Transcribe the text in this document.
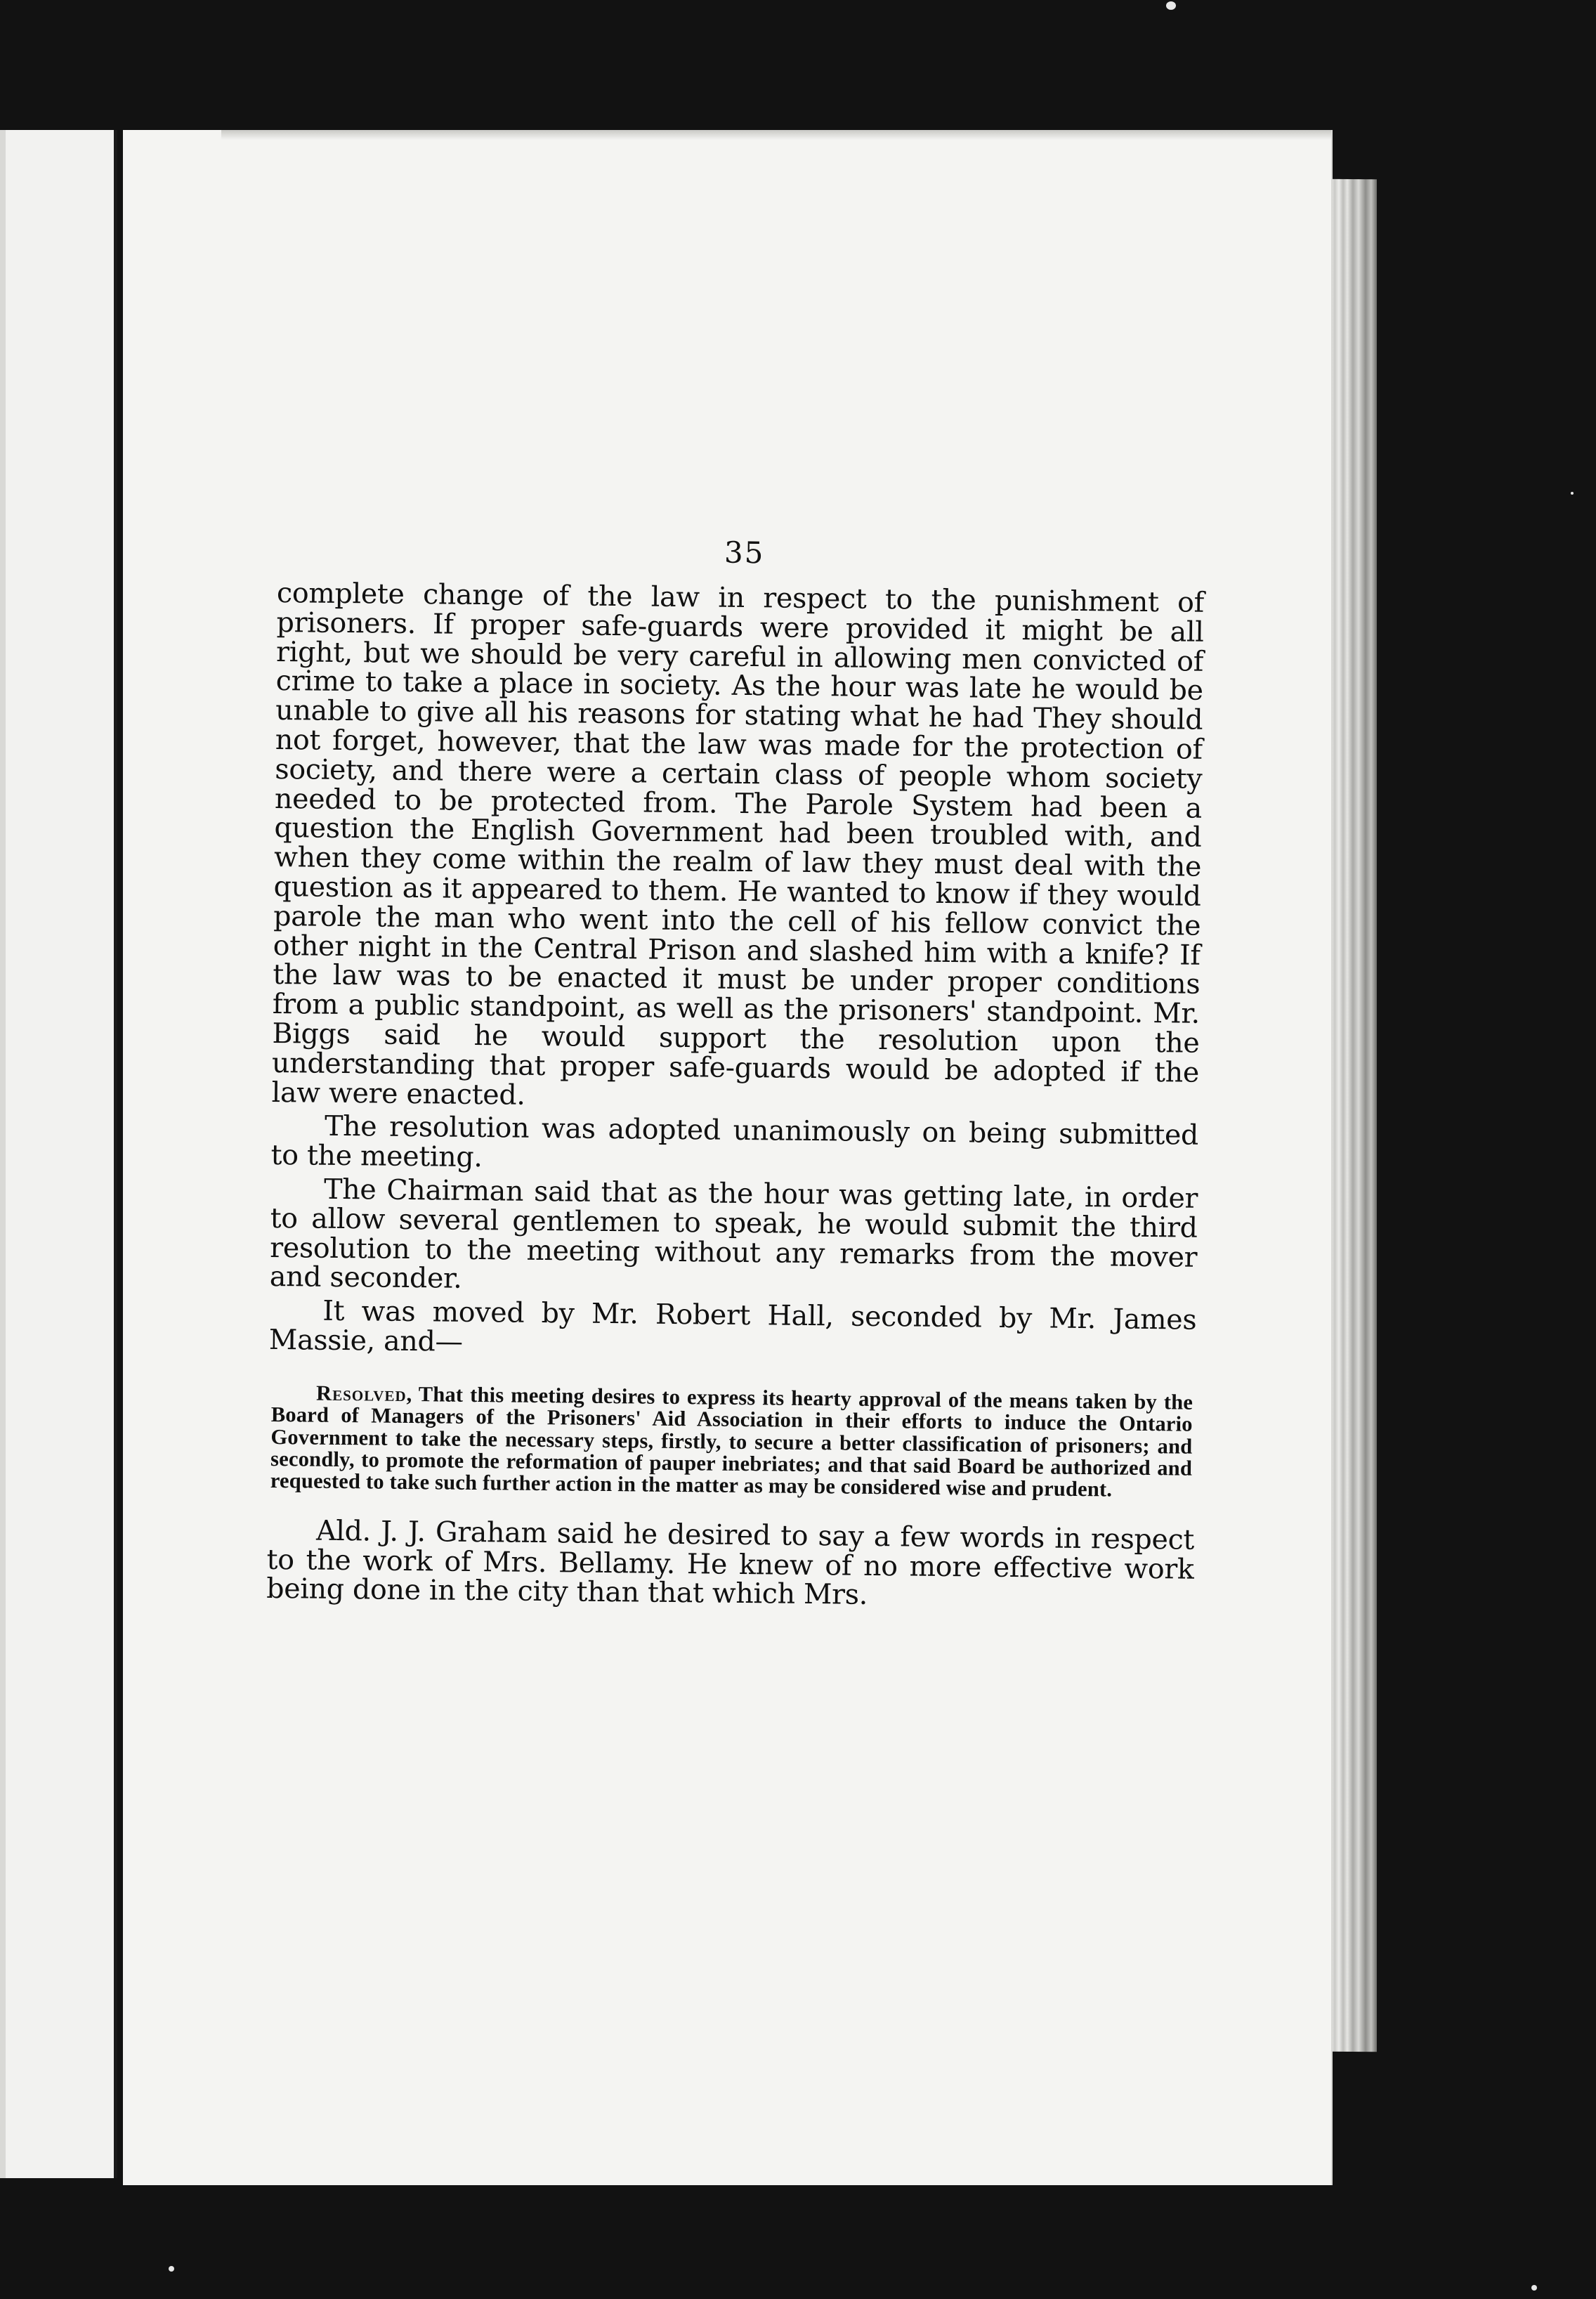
35

complete change of the law in respect to the punishment of prisoners. If proper safe-guards were provided it might be all right, but we should be very careful in allowing men convicted of crime to take a place in society. As the hour was late he would be unable to give all his reasons for stating what he had They should not forget, however, that the law was made for the protection of society, and there were a certain class of people whom society needed to be protected from. The Parole System had been a question the English Government had been troubled with, and when they come within the realm of law they must deal with the question as it appeared to them. He wanted to know if they would parole the man who went into the cell of his fellow convict the other night in the Central Prison and slashed him with a knife? If the law was to be enacted it must be under proper conditions from a public standpoint, as well as the prisoners' standpoint. Mr. Biggs said he would support the resolution upon the understanding that proper safe-guards would be adopted if the law were enacted.

The resolution was adopted unanimously on being submitted to the meeting.

The Chairman said that as the hour was getting late, in order to allow several gentlemen to speak, he would submit the third resolution to the meeting without any remarks from the mover and seconder.

It was moved by Mr. Robert Hall, seconded by Mr. James Massie, and—

Resolved, That this meeting desires to express its hearty approval of the means taken by the Board of Managers of the Prisoners' Aid Association in their efforts to induce the Ontario Government to take the necessary steps, firstly, to secure a better classification of prisoners; and secondly, to promote the reformation of pauper inebriates; and that said Board be authorized and requested to take such further action in the matter as may be considered wise and prudent.

Ald. J. J. Graham said he desired to say a few words in respect to the work of Mrs. Bellamy. He knew of no more effective work being done in the city than that which Mrs.
